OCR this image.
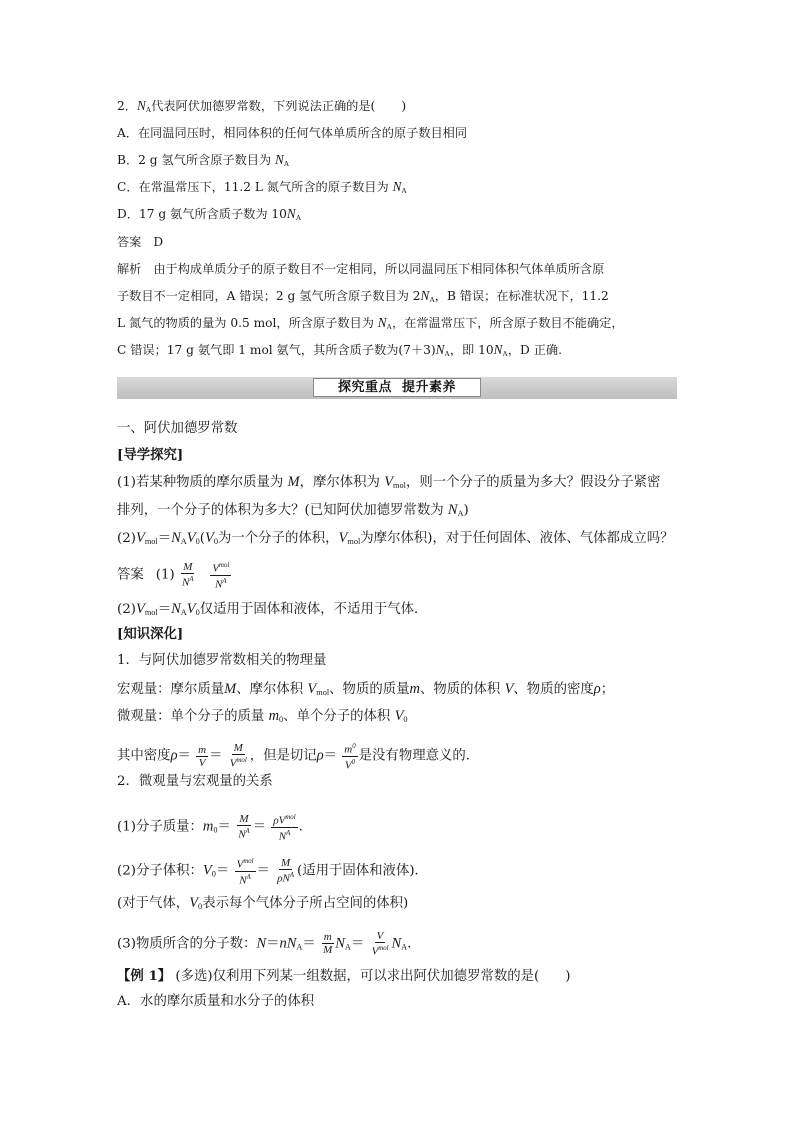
2．$N_A$代表阿伏加德罗常数，下列说法正确的是( )
A．在同温同压时，相同体积的任何气体单质所含的原子数目相同
B．2 g 氢气所含原子数目为 $N_A$
C．在常温常压下，11.2 L 氮气所含的原子数目为 $N_A$
D．17 g 氨气所含质子数为 $10N_A$
答案 D
解析 由于构成单质分子的原子数目不一定相同，所以同温同压下相同体积气体单质所含原
子数目不一定相同，A 错误；2 g 氢气所含原子数目为 $2N_A$，B 错误；在标准状况下，11.2
L 氮气的物质的量为 0.5 mol，所含原子数目为 $N_A$，在常温常压下，所含原子数目不能确定，
C 错误；17 g 氨气即 1 mol 氨气，其所含质子数为$(7+3)N_A$，即 $10N_A$，D 正确.
探究重点 提升素养
一、阿伏加德罗常数
[导学探究]
(1)若某种物质的摩尔质量为 M，摩尔体积为 $V_{mol}$，则一个分子的质量为多大？假设分子紧密
排列，一个分子的体积为多大？(已知阿伏加德罗常数为 $N_A$)
$(2)V_{mol}=N_AV_0(V_0$为一个分子的体积，$V_{mol}$为摩尔体积)，对于任何固体、液体、气体都成立吗？
答案 $(1) \frac{M}{N^A}$
$\frac{V^{mol}}{N^A}$
$(2)V_{mol}=N_AV_0$仅适用于固体和液体，不适用于气体．
[知识深化]
1．与阿伏加德罗常数相关的物理量
宏观量：摩尔质量M、摩尔体积 $V_{mol}$、物质的质量m、物质的体积 V、物质的密度ρ；
微观量：单个分子的质量 $m_0$、单个分子的体积 $V_0$
其中密度$\rho= \frac{m}{V} = \frac{M}{V^{mol}}$ ，但是切记$\rho= \frac{m^0}{V^0}$ 是没有物理意义的．
2．微观量与宏观量的关系
(1)分子质量：$m_0= \frac{M}{N^A} = \frac{\rho V^{mol}}{N^A}$ .
(2)分子体积：$V_0= \frac{V^{mol}}{N^A} = \frac{M}{\rho N^A}$ (适用于固体和液体)．
(对于气体，$V_0$表示每个气体分子所占空间的体积)
(3)物质所含的分子数：$N=nN_A= \frac{m}{M} N_A= \frac{V}{V^{mol}} N_A$.
【例 1】 (多选)仅利用下列某一组数据，可以求出阿伏加德罗常数的是( )
A．水的摩尔质量和水分子的体积
